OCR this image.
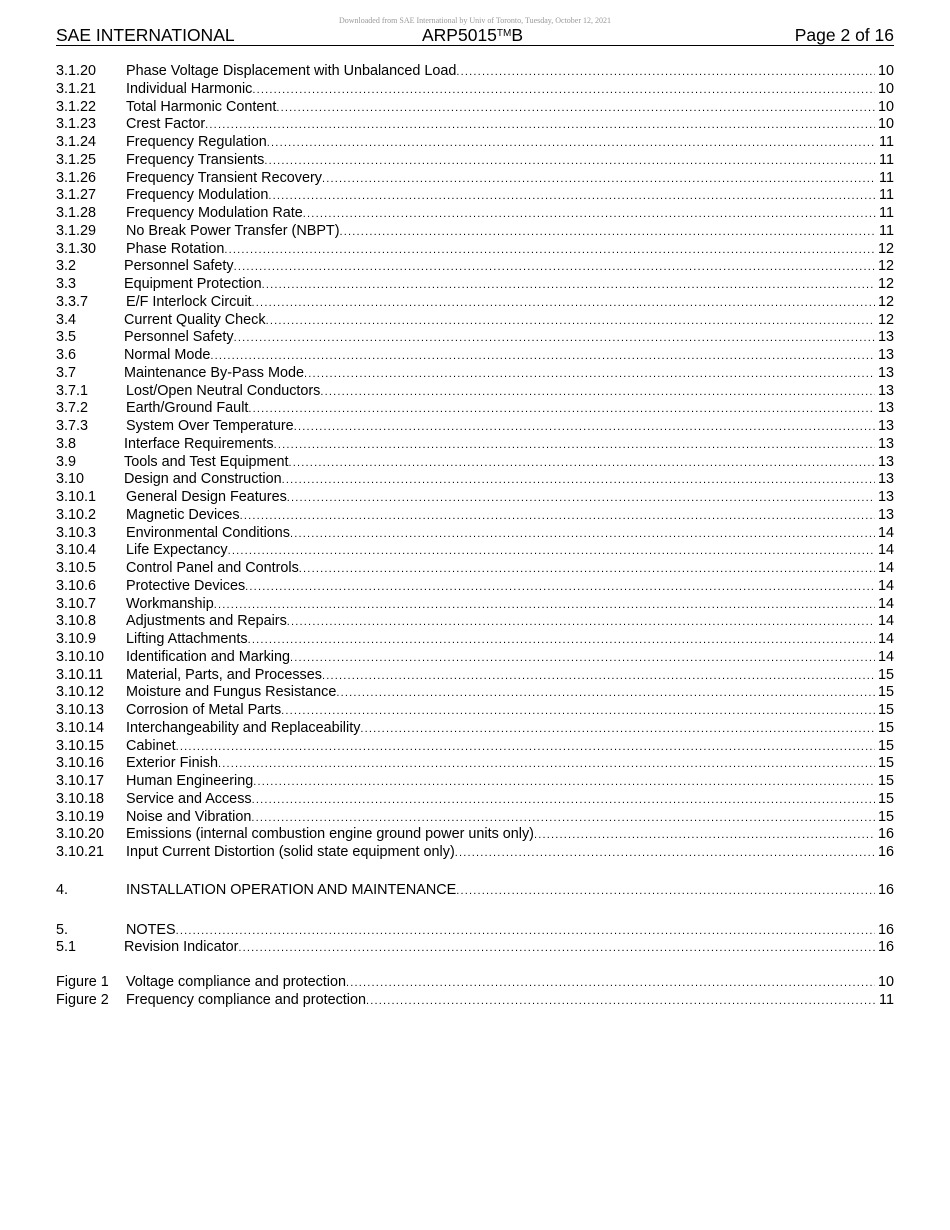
Downloaded from SAE International by Univ of Toronto, Tuesday, October 12, 2021
SAE INTERNATIONAL	ARP5015™B	Page 2 of 16
3.1.20	Phase Voltage Displacement with Unbalanced Load .....	10
3.1.21	Individual Harmonic .....	10
3.1.22	Total Harmonic Content .....	10
3.1.23	Crest Factor .....	10
3.1.24	Frequency Regulation .....	11
3.1.25	Frequency Transients .....	11
3.1.26	Frequency Transient Recovery .....	11
3.1.27	Frequency Modulation .....	11
3.1.28	Frequency Modulation Rate .....	11
3.1.29	No Break Power Transfer (NBPT) .....	11
3.1.30	Phase Rotation .....	12
3.2	Personnel Safety .....	12
3.3	Equipment Protection .....	12
3.3.7	E/F Interlock Circuit .....	12
3.4	Current Quality Check .....	12
3.5	Personnel Safety .....	13
3.6	Normal Mode .....	13
3.7	Maintenance By-Pass Mode .....	13
3.7.1	Lost/Open Neutral Conductors .....	13
3.7.2	Earth/Ground Fault .....	13
3.7.3	System Over Temperature .....	13
3.8	Interface Requirements .....	13
3.9	Tools and Test Equipment .....	13
3.10	Design and Construction .....	13
3.10.1	General Design Features .....	13
3.10.2	Magnetic Devices .....	13
3.10.3	Environmental Conditions .....	14
3.10.4	Life Expectancy .....	14
3.10.5	Control Panel and Controls .....	14
3.10.6	Protective Devices .....	14
3.10.7	Workmanship .....	14
3.10.8	Adjustments and Repairs .....	14
3.10.9	Lifting Attachments .....	14
3.10.10	Identification and Marking .....	14
3.10.11	Material, Parts, and Processes .....	15
3.10.12	Moisture and Fungus Resistance .....	15
3.10.13	Corrosion of Metal Parts .....	15
3.10.14	Interchangeability and Replaceability .....	15
3.10.15	Cabinet .....	15
3.10.16	Exterior Finish .....	15
3.10.17	Human Engineering .....	15
3.10.18	Service and Access .....	15
3.10.19	Noise and Vibration .....	15
3.10.20	Emissions (internal combustion engine ground power units only) .....	16
3.10.21	Input Current Distortion (solid state equipment only) .....	16
4.	INSTALLATION OPERATION AND MAINTENANCE .....	16
5.	NOTES .....	16
5.1	Revision Indicator .....	16
Figure 1	Voltage compliance and protection .....	10
Figure 2	Frequency compliance and protection .....	11
